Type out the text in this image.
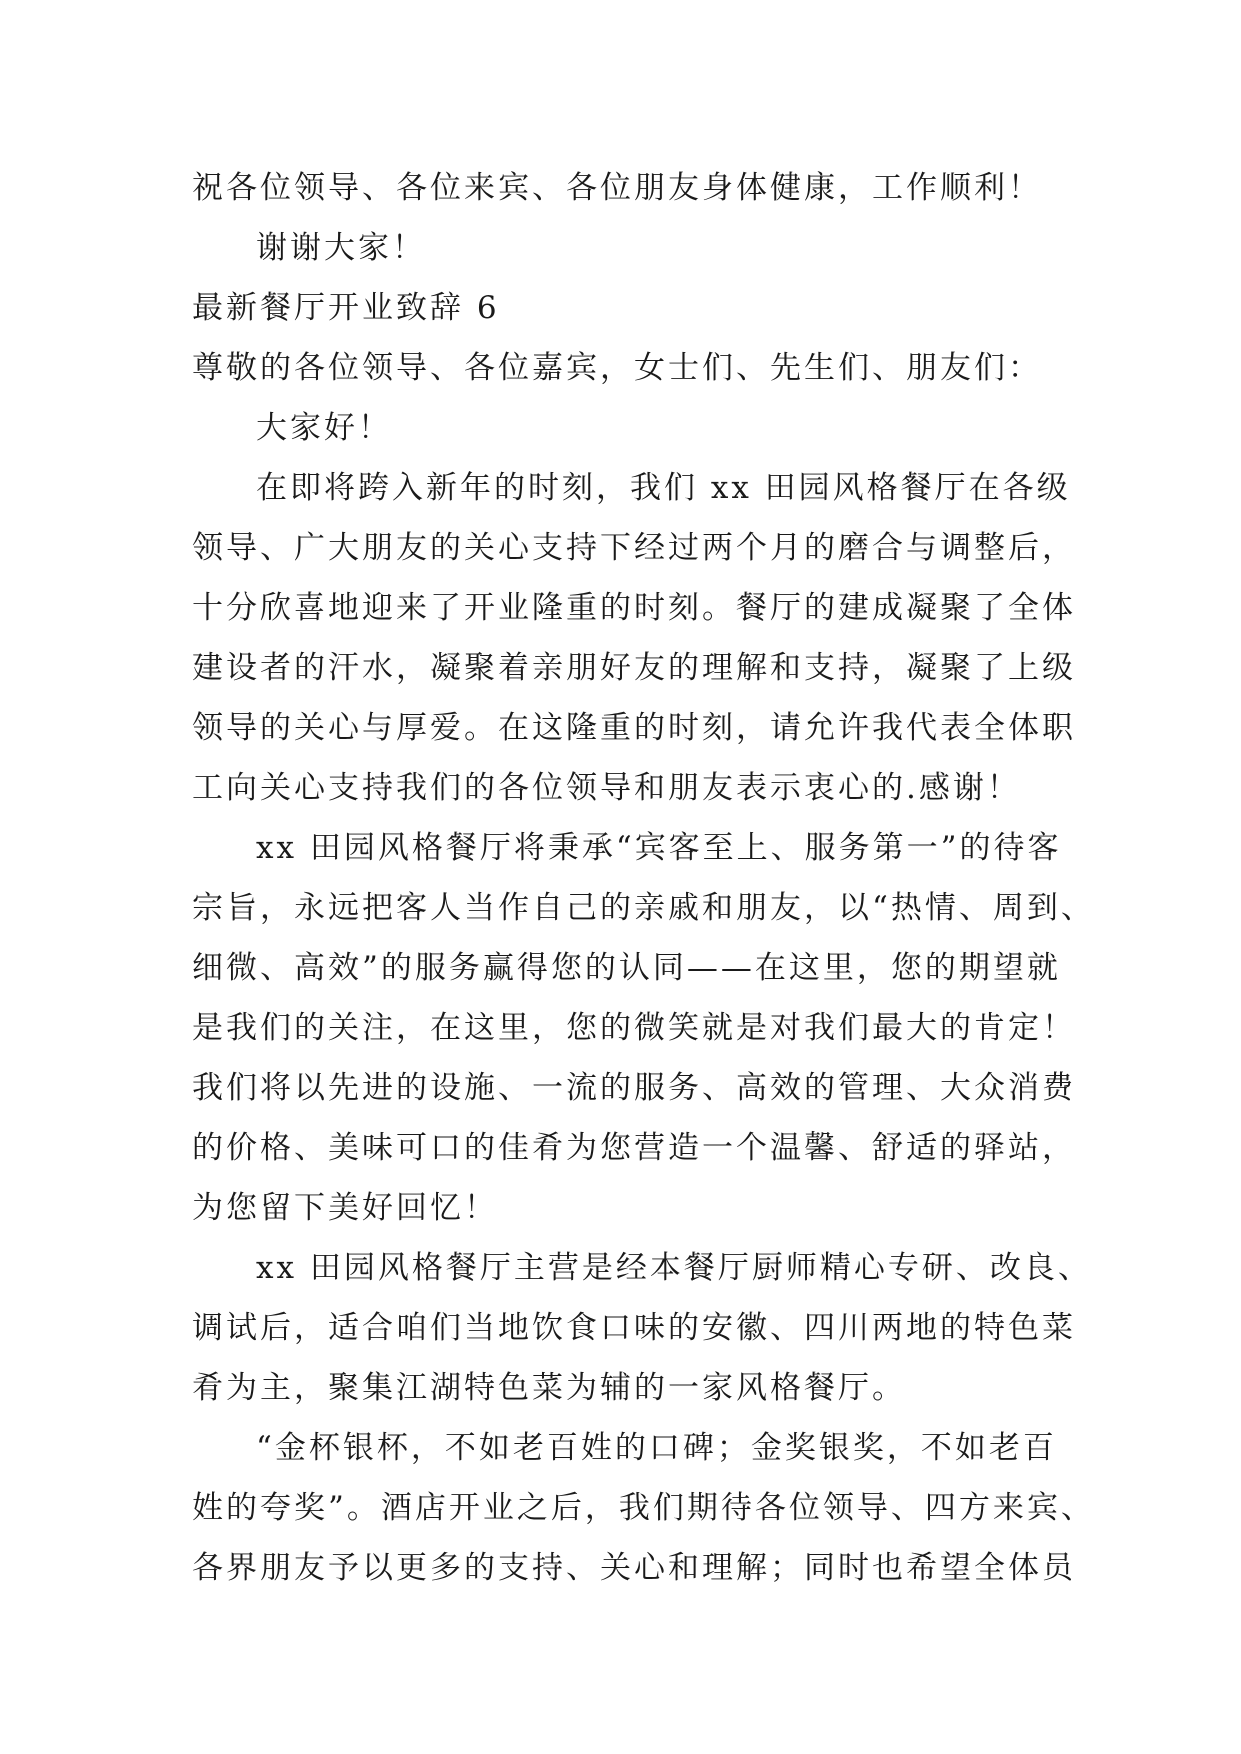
祝各位领导、各位来宾、各位朋友身体健康，工作顺利！
谢谢大家！
最新餐厅开业致辞 6
尊敬的各位领导、各位嘉宾，女士们、先生们、朋友们：
大家好！
在即将跨入新年的时刻，我们 xx 田园风格餐厅在各级
领导、广大朋友的关心支持下经过两个月的磨合与调整后，
十分欣喜地迎来了开业隆重的时刻。餐厅的建成凝聚了全体
建设者的汗水，凝聚着亲朋好友的理解和支持，凝聚了上级
领导的关心与厚爱。在这隆重的时刻，请允许我代表全体职
工向关心支持我们的各位领导和朋友表示衷心的.感谢！
xx 田园风格餐厅将秉承“宾客至上、服务第一”的待客
宗旨，永远把客人当作自己的亲戚和朋友，以“热情、周到、
细微、高效”的服务赢得您的认同——在这里，您的期望就
是我们的关注，在这里，您的微笑就是对我们最大的肯定！
我们将以先进的设施、一流的服务、高效的管理、大众消费
的价格、美味可口的佳肴为您营造一个温馨、舒适的驿站，
为您留下美好回忆！
xx 田园风格餐厅主营是经本餐厅厨师精心专研、改良、
调试后，适合咱们当地饮食口味的安徽、四川两地的特色菜
肴为主，聚集江湖特色菜为辅的一家风格餐厅。
“金杯银杯，不如老百姓的口碑；金奖银奖，不如老百
姓的夸奖”。酒店开业之后，我们期待各位领导、四方来宾、
各界朋友予以更多的支持、关心和理解；同时也希望全体员
